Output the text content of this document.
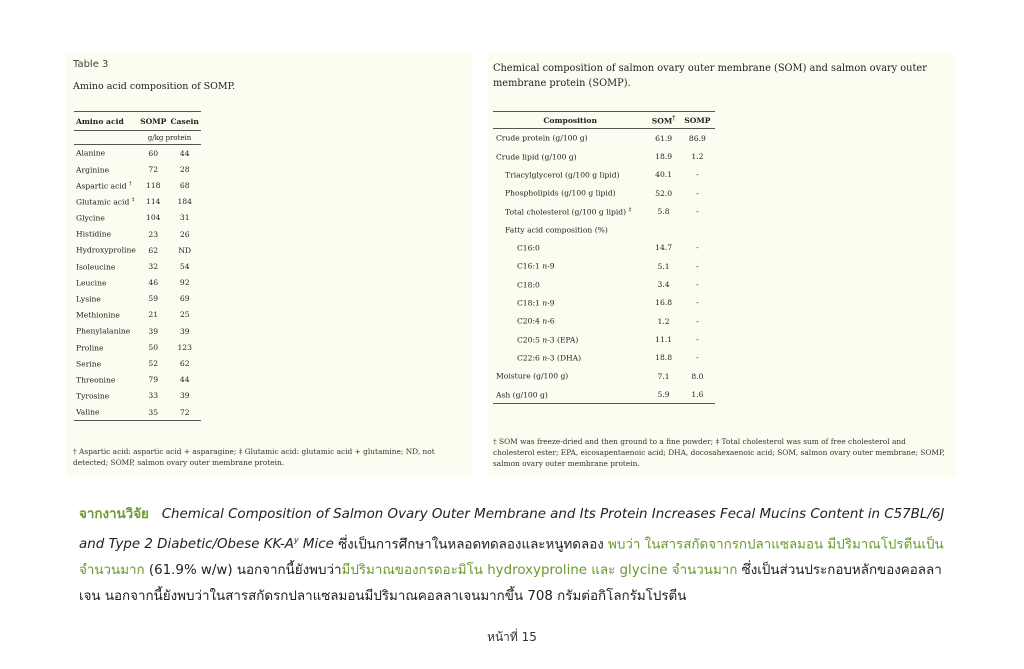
Table 3
Amino acid composition of SOMP.
Amino acid	SOMP	Casein
	g/kg protein	
Alanine	60	44
Arginine	72	28
Aspartic acid †	118	68
Glutamic acid ‡	114	184
Glycine	104	31
Histidine	23	26
Hydroxyproline	62	ND
Isoleucine	32	54
Leucine	46	92
Lysine	59	69
Methionine	21	25
Phenylalanine	39	39
Proline	50	123
Serine	52	62
Threonine	79	44
Tyrosine	33	39
Valine	35	72
† Aspartic acid: aspartic acid + asparagine; ‡ Glutamic acid: glutamic acid + glutamine; ND, not detected; SOMP, salmon ovary outer membrane protein.
Chemical composition of salmon ovary outer membrane (SOM) and salmon ovary outer membrane protein (SOMP).
Composition	SOM†	SOMP
Crude protein (g/100 g)	61.9	86.9
Crude lipid (g/100 g)	18.9	1.2
Triacylglycerol (g/100 g lipid)	40.1	-
Phospholipids (g/100 g lipid)	52.0	-
Total cholesterol (g/100 g lipid) ‡	5.8	-
Fatty acid composition (%)		
C16:0	14.7	-
C16:1 n-9	5.1	-
C18:0	3.4	-
C18:1 n-9	16.8	-
C20:4 n-6	1.2	-
C20:5 n-3 (EPA)	11.1	-
C22:6 n-3 (DHA)	18.8	-
Moisture (g/100 g)	7.1	8.0
Ash (g/100 g)	5.9	1.6
† SOM was freeze-dried and then ground to a fine powder; ‡ Total cholesterol was sum of free cholesterol and cholesterol ester; EPA, eicosapentaenoic acid; DHA, docosahexaenoic acid; SOM, salmon ovary outer membrane; SOMP, salmon ovary outer membrane protein.
จากงานวิจัย Chemical Composition of Salmon Ovary Outer Membrane and Its Protein Increases Fecal Mucins Content in C57BL/6J and Type 2 Diabetic/Obese $KK-A^y$ Mice ซึ่งเป็นการศึกษาในหลอดทดลองและหนูทดลอง พบว่า ในสารสกัดจากรกปลาแซลมอน มีปริมาณโปรตีนเป็นจำนวนมาก (61.9% w/w) นอกจากนี้ยังพบว่ามีปริมาณของกรดอะมิโน hydroxyproline และ glycine จำนวนมาก ซึ่งเป็นส่วนประกอบหลักของคอลลาเจน นอกจากนี้ยังพบว่าในสารสกัดรกปลาแซลมอนมีปริมาณคอลลาเจนมากขึ้น 708 กรัมต่อกิโลกรัมโปรตีน
หน้าที่ 15
